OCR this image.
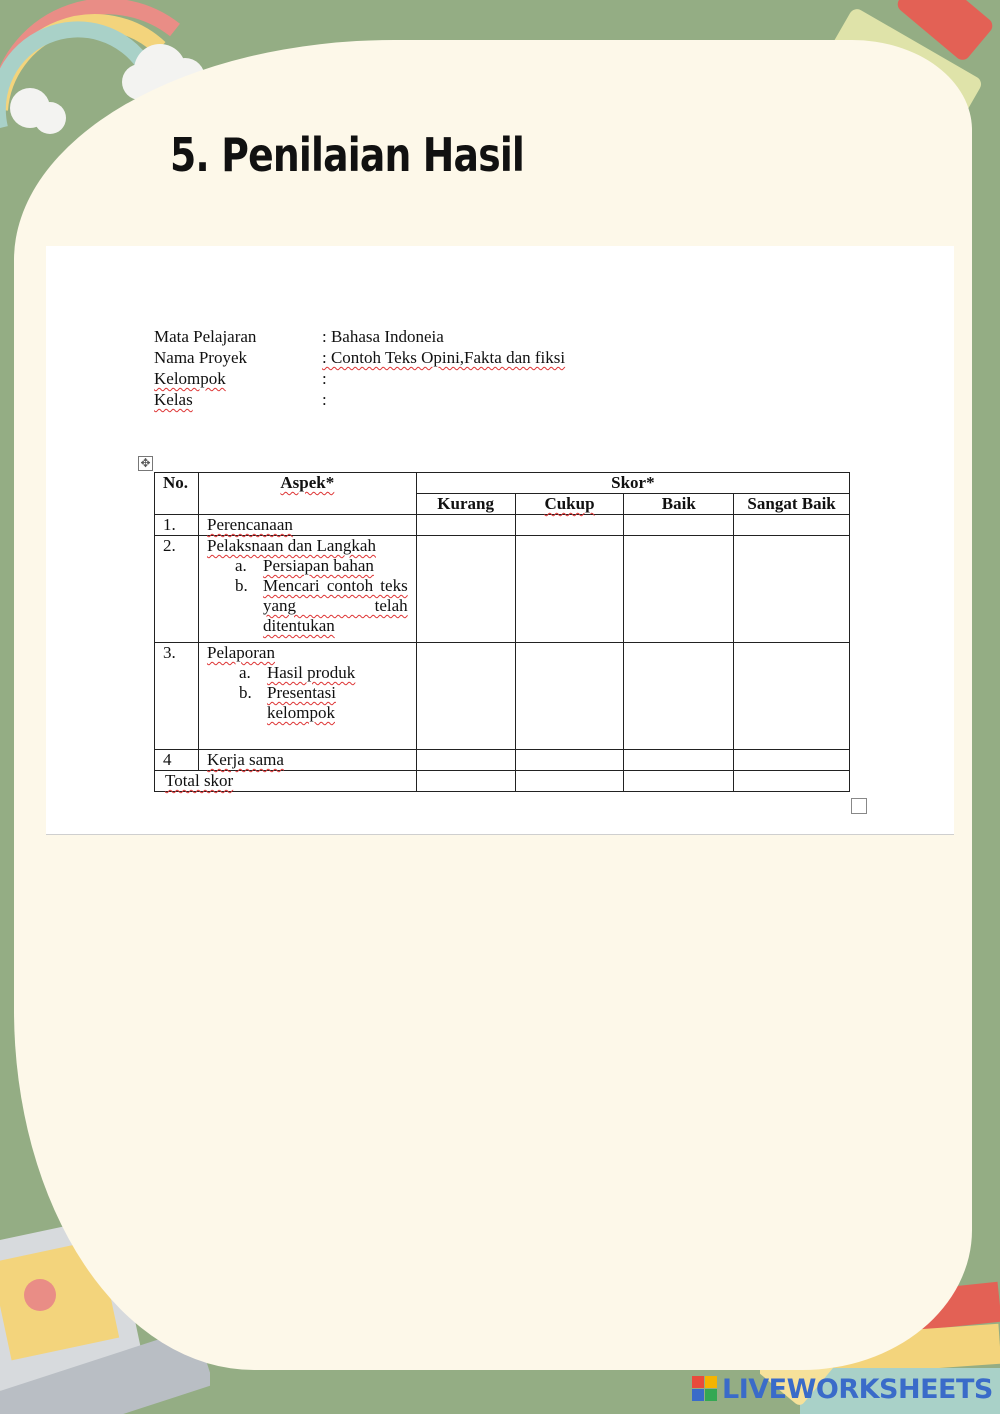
5. Penilaian Hasil
Mata Pelajaran	: Bahasa Indoneia
Nama Proyek	: Contoh Teks Opini,Fakta dan fiksi
Kelompok	:
Kelas	:
✥
No.	Aspek*	Skor*			
		Kurang	Cukup	Baik	Sangat Baik
1.	Perencanaan				
2.	Pelaksnaan dan Langkah
a. Persiapan bahan
b. Mencari contoh teks yang telah ditentukan				

3.	Pelaporan
a. Hasil produk
b. Presentasi kelompok				

4	Kerja sama				
Total skor					
LIVEWORKSHEETS
